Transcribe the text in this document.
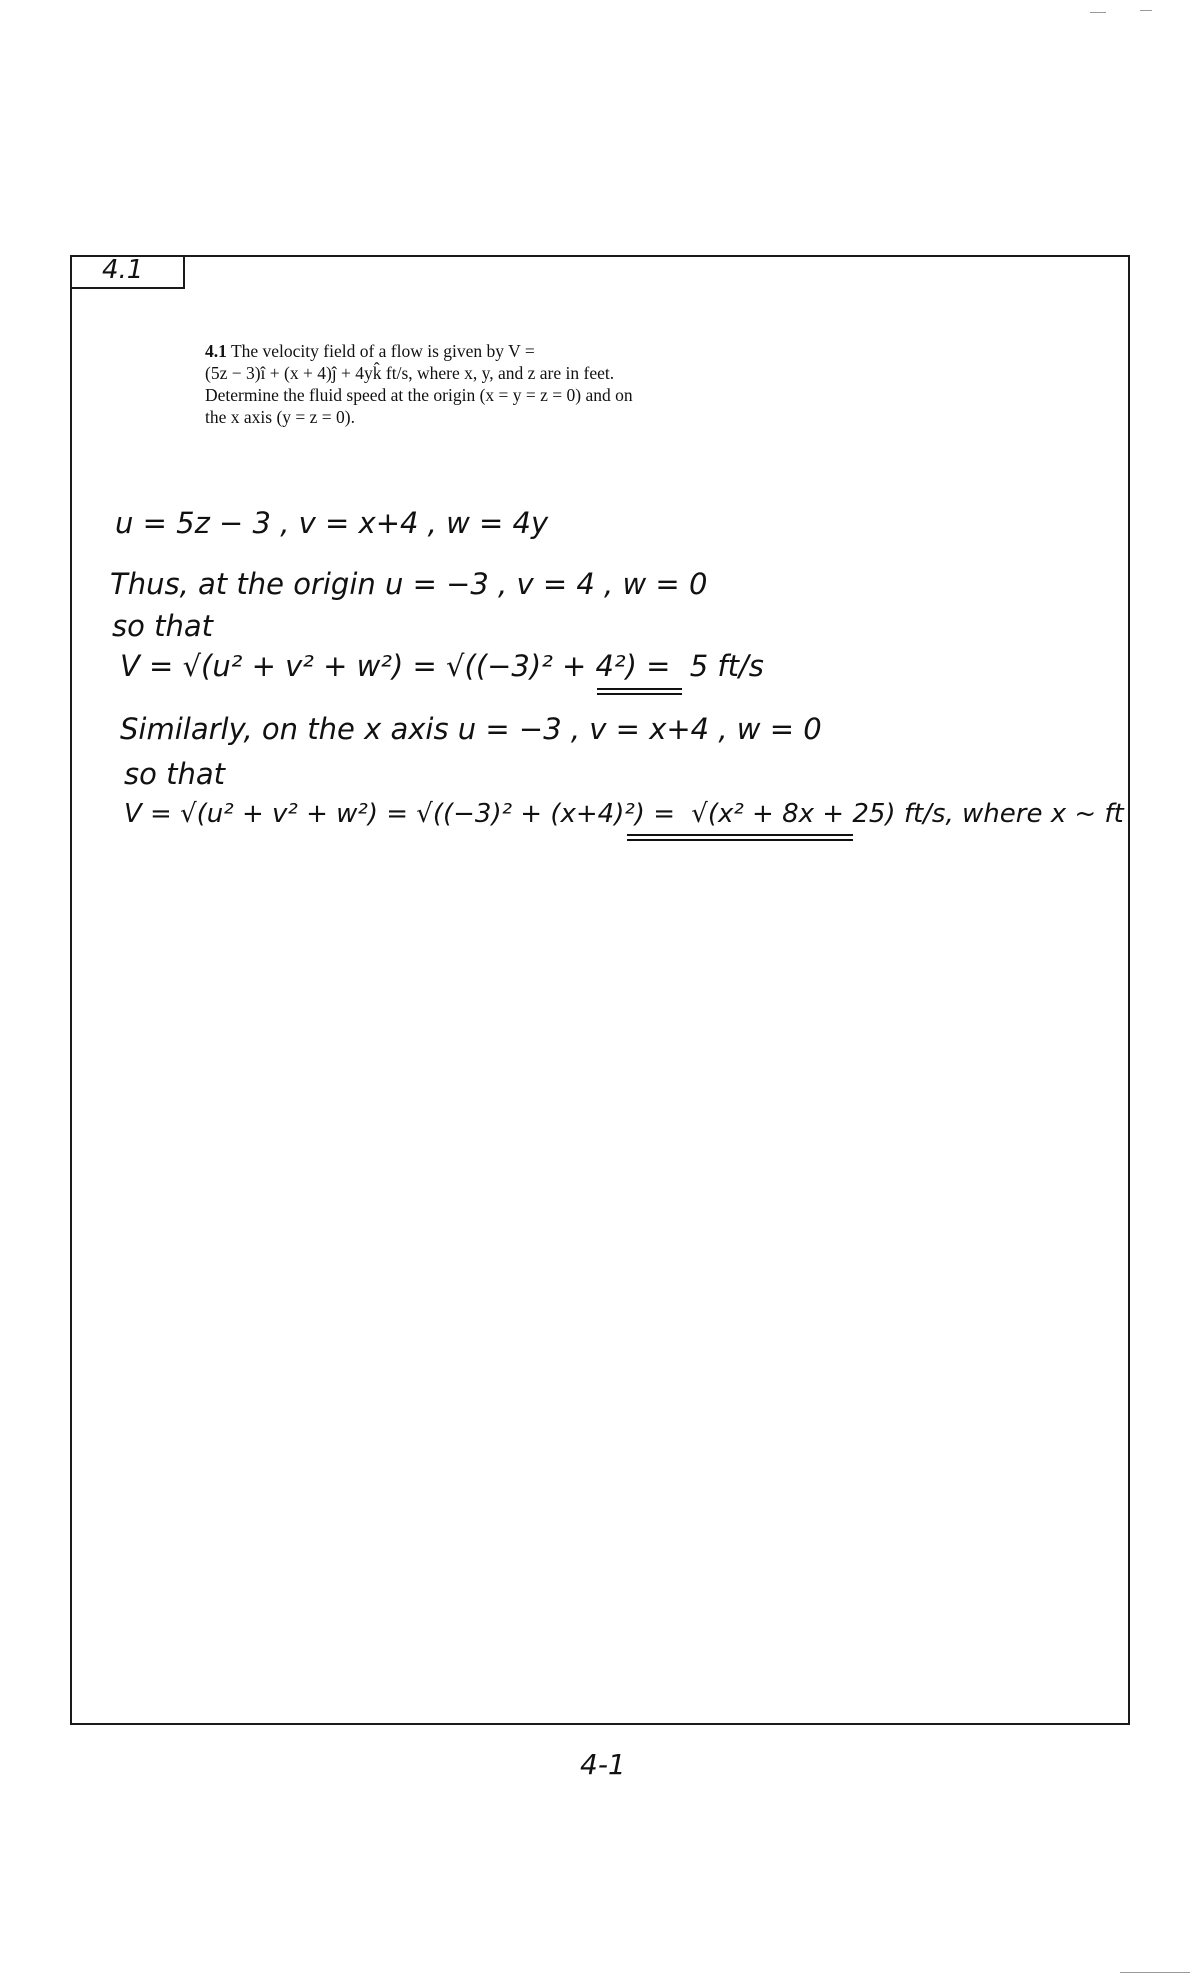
4.1

4.1 The velocity field of a flow is given by V =

(5z − 3)î + (x + 4)ĵ + 4yk̂ ft/s, where x, y, and z are in feet.

Determine the fluid speed at the origin (x = y = z = 0) and on

the x axis (y = z = 0).

u = 5z − 3 , v = x+4 , w = 4y
Thus, at the origin u = −3 , v = 4 , w = 0
so that
V = √(u² + v² + w²) = √((−3)² + 4²) = 5 ft/s
Similarly, on the x axis u = −3 , v = x+4 , w = 0
so that
V = √(u² + v² + w²) = √((−3)² + (x+4)²) = √(x² + 8x + 25) ft/s, where x ~ ft
4-1
